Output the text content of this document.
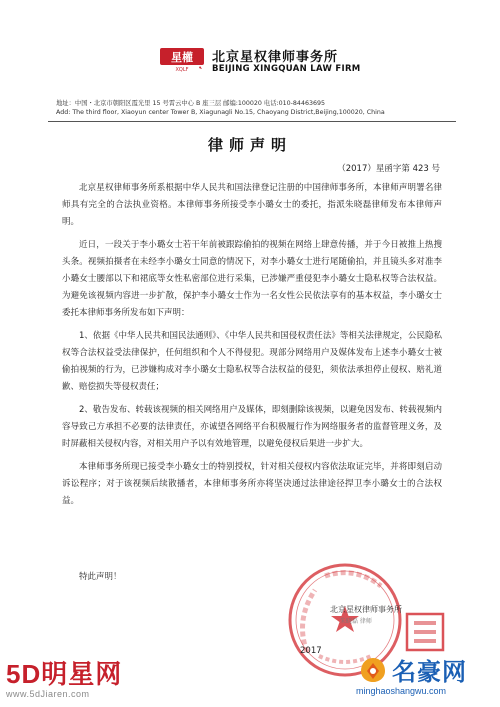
星權
XQLF
北京星权律师事务所
BEIJING XINGQUAN LAW FIRM
地址：中国・北京市朝阳区霞光里 15 号霄云中心 B 座三层 邮编:100020 电话:010-84463695
Add: The third floor, Xiaoyun center Tower B, Xiagunagli No.15, Chaoyang District,Beijing,100020, China
律师声明
（2017）星函字第 423 号

北京星权律师事务所系根据中华人民共和国法律登记注册的中国律师事务所，本律师声明署名律师具有完全的合法执业资格。本律师事务所接受李小璐女士的委托，指派朱晓磊律师发布本律师声明。

近日，一段关于李小璐女士若干年前被跟踪偷拍的视频在网络上肆意传播，并于今日被推上热搜头条。视频拍摄者在未经李小璐女士同意的情况下，对李小璐女士进行尾随偷拍，并且镜头多对准李小璐女士腰部以下和裙底等女性私密部位进行采集，已涉嫌严重侵犯李小璐女士隐私权等合法权益。为避免该视频内容进一步扩散，保护李小璐女士作为一名女性公民依法享有的基本权益，李小璐女士委托本律师事务所发布如下声明：

1、依据《中华人民共和国民法通则》、《中华人民共和国侵权责任法》等相关法律规定，公民隐私权等合法权益受法律保护，任何组织和个人不得侵犯。现部分网络用户及媒体发布上述李小璐女士被偷拍视频的行为，已涉嫌构成对李小璐女士隐私权等合法权益的侵犯，须依法承担停止侵权、赔礼道歉、赔偿损失等侵权责任；

2、敬告发布、转载该视频的相关网络用户及媒体，即刻删除该视频，以避免因发布、转载视频内容导致己方承担不必要的法律责任，亦诚望各网络平台积极履行作为网络服务者的监督管理义务，及时屏蔽相关侵权内容，对相关用户予以有效地管理，以避免侵权后果进一步扩大。

本律师事务所现已接受李小璐女士的特别授权，针对相关侵权内容依法取证完毕，并将即刻启动诉讼程序；对于该视频后续散播者，本律师事务所亦将坚决通过法律途径捍卫李小璐女士的合法权益。

特此声明！
北京星权律师事务所
朱晓磊 律师
2017
5D明星网
www.5dJiaren.com
名豪网
minghaoshangwu.com
